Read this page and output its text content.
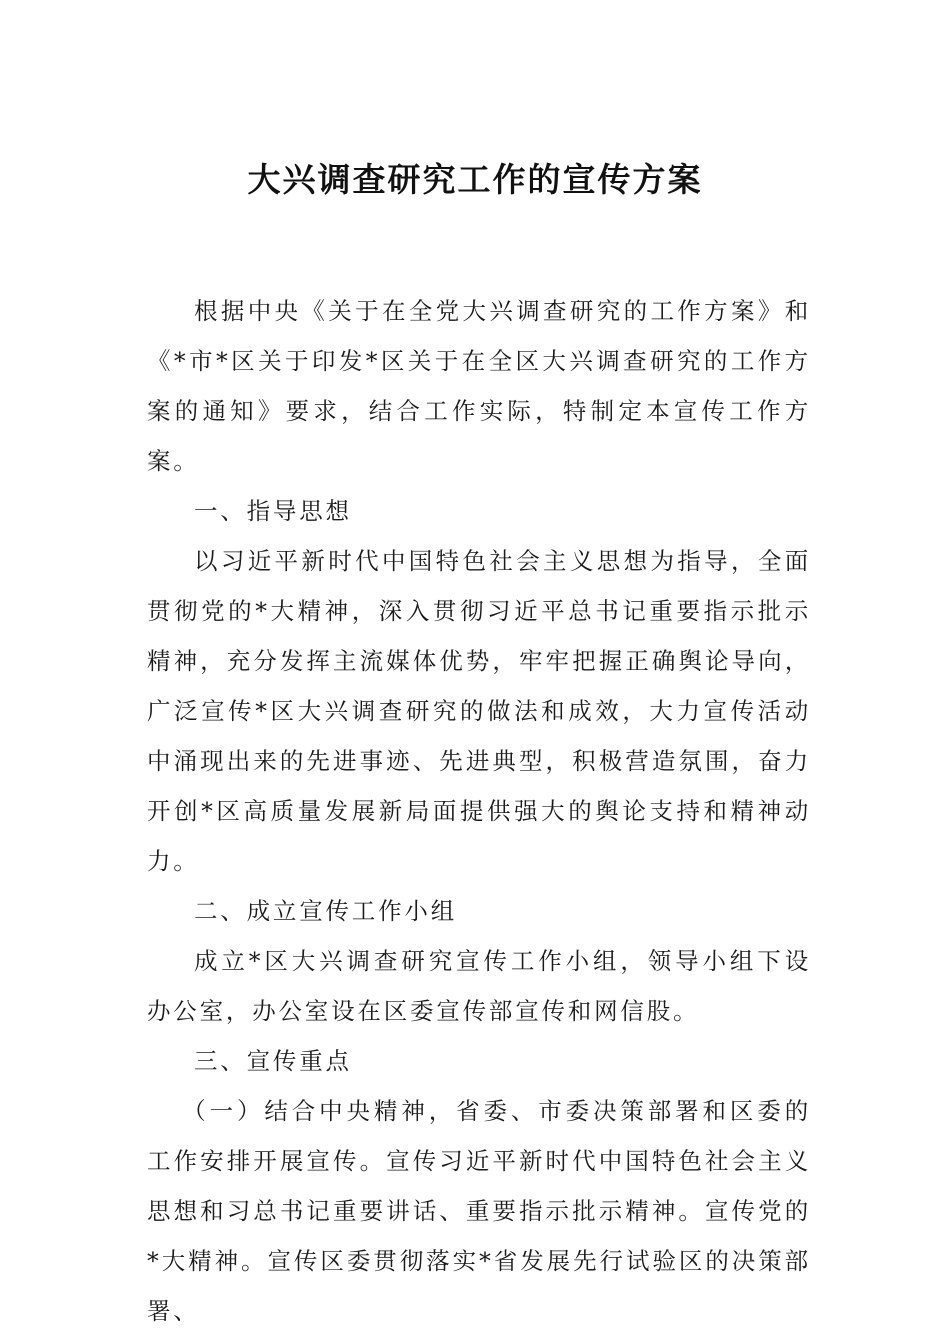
大兴调查研究工作的宣传方案

根据中央《关于在全党大兴调查研究的工作方案》和《*市*区关于印发*区关于在全区大兴调查研究的工作方案的通知》要求，结合工作实际，特制定本宣传工作方案。

一、指导思想

以习近平新时代中国特色社会主义思想为指导，全面贯彻党的*大精神，深入贯彻习近平总书记重要指示批示精神，充分发挥主流媒体优势，牢牢把握正确舆论导向，广泛宣传*区大兴调查研究的做法和成效，大力宣传活动中涌现出来的先进事迹、先进典型，积极营造氛围，奋力开创*区高质量发展新局面提供强大的舆论支持和精神动力。

二、成立宣传工作小组

成立*区大兴调查研究宣传工作小组，领导小组下设办公室，办公室设在区委宣传部宣传和网信股。

三、宣传重点

（一）结合中央精神，省委、市委决策部署和区委的工作安排开展宣传。宣传习近平新时代中国特色社会主义思想和习总书记重要讲话、重要指示批示精神。宣传党的*大精神。宣传区委贯彻落实*省发展先行试验区的决策部署、
